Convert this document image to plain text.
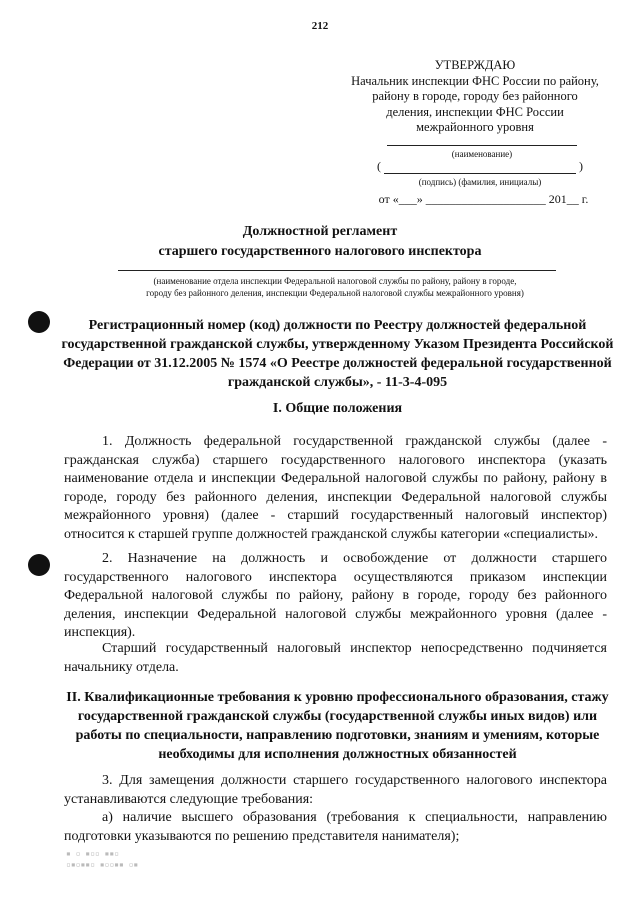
212
УТВЕРЖДАЮ
Начальник инспекции ФНС России по району,
району в городе, городу без районного
деления, инспекции ФНС России
межрайонного уровня
(наименование)
(	)
(подпись) (фамилия, инициалы)
от «___» ____________________ 201__ г.
Должностной регламент
старшего государственного налогового инспектора
(наименование отдела инспекции Федеральной налоговой службы по району, району в городе,
городу без районного деления, инспекции Федеральной налоговой службы межрайонного уровня)
Регистрационный номер (код) должности по Реестру должностей федеральной государственной гражданской службы, утвержденному Указом Президента Российской Федерации от 31.12.2005 № 1574 «О Реестре должностей федеральной государственной гражданской службы», - 11-3-4-095
I. Общие положения
1. Должность федеральной государственной гражданской службы (далее - гражданская служба) старшего государственного налогового инспектора (указать наименование отдела и инспекции Федеральной налоговой службы по району, району в городе, городу без районного деления, инспекции Федеральной налоговой службы межрайонного уровня) (далее - старший государственный налоговый инспектор) относится к старшей группе должностей гражданской службы категории «специалисты».
2. Назначение на должность и освобождение от должности старшего государственного налогового инспектора осуществляются приказом инспекции Федеральной налоговой службы по району, району в городе, городу без районного деления, инспекции Федеральной налоговой службы межрайонного уровня (далее - инспекция).
Старший государственный налоговый инспектор непосредственно подчиняется начальнику отдела.
II. Квалификационные требования к уровню профессионального образования, стажу государственной гражданской службы (государственной службы иных видов) или работы по специальности, направлению подготовки, знаниям и умениям, которые необходимы для исполнения должностных обязанностей
3. Для замещения должности старшего государственного налогового инспектора устанавливаются следующие требования:
а) наличие высшего образования (требования к специальности, направлению подготовки указываются по решению представителя нанимателя);
▪ ▫ ▪▫▫ ▪▪▫
▫▪▫▪▪▫ ▪▫▫▪▪ ▫▪
